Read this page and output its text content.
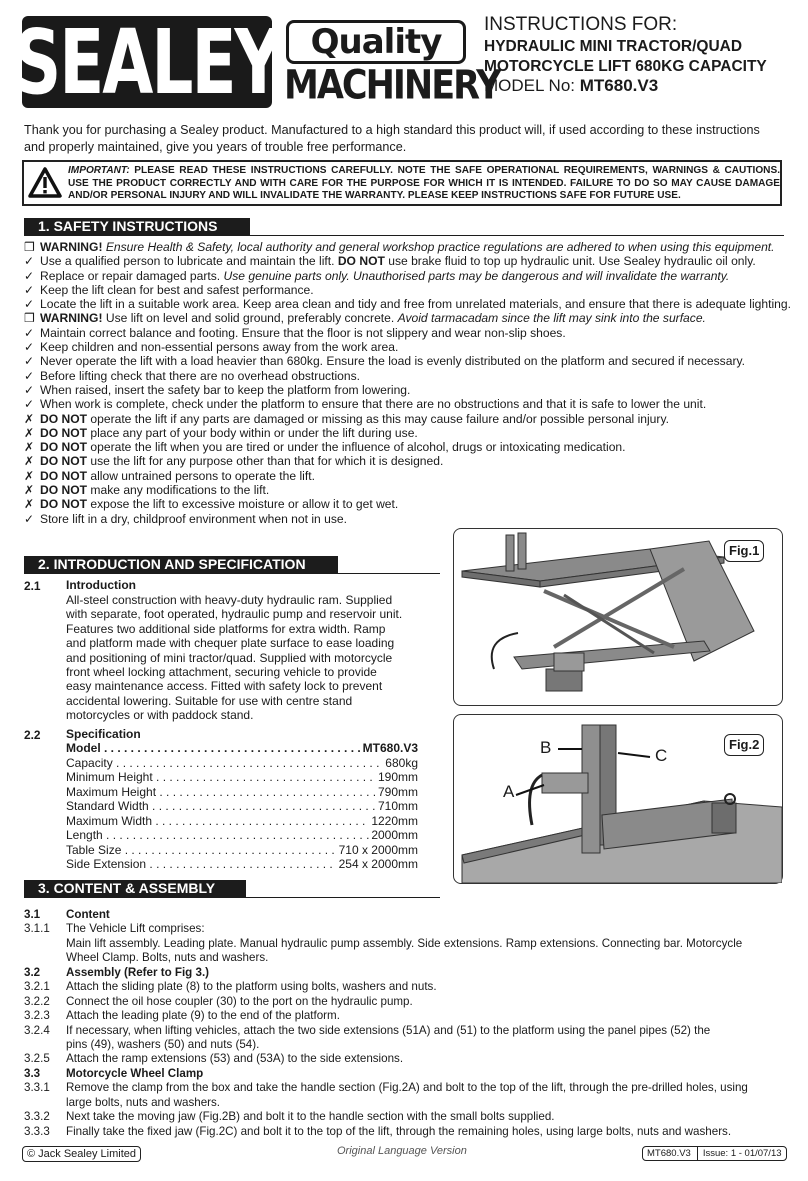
SEALEY Quality
MACHINERY
INSTRUCTIONS FOR:
HYDRAULIC MINI TRACTOR/QUAD
MOTORCYCLE LIFT 680KG CAPACITY
MODEL No: MT680.V3
Thank you for purchasing a Sealey product. Manufactured to a high standard this product will, if used according to these instructions and properly maintained, give you years of trouble free performance.
IMPORTANT: PLEASE READ THESE INSTRUCTIONS CAREFULLY. NOTE THE SAFE OPERATIONAL REQUIREMENTS, WARNINGS & CAUTIONS. USE THE PRODUCT CORRECTLY AND WITH CARE FOR THE PURPOSE FOR WHICH IT IS INTENDED. FAILURE TO DO SO MAY CAUSE DAMAGE AND/OR PERSONAL INJURY AND WILL INVALIDATE THE WARRANTY. PLEASE KEEP INSTRUCTIONS SAFE FOR FUTURE USE.
1. SAFETY INSTRUCTIONS
❒ WARNING! Ensure Health & Safety, local authority and general workshop practice regulations are adhered to when using this equipment.
✓ Use a qualified person to lubricate and maintain the lift. DO NOT use brake fluid to top up hydraulic unit. Use Sealey hydraulic oil only.
✓ Replace or repair damaged parts. Use genuine parts only. Unauthorised parts may be dangerous and will invalidate the warranty.
✓ Keep the lift clean for best and safest performance.
✓ Locate the lift in a suitable work area. Keep area clean and tidy and free from unrelated materials, and ensure that there is adequate lighting.
❒ WARNING! Use lift on level and solid ground, preferably concrete. Avoid tarmacadam since the lift may sink into the surface.
✓ Maintain correct balance and footing. Ensure that the floor is not slippery and wear non-slip shoes.
✓ Keep children and non-essential persons away from the work area.
✓ Never operate the lift with a load heavier than 680kg. Ensure the load is evenly distributed on the platform and secured if necessary.
✓ Before lifting check that there are no overhead obstructions.
✓ When raised, insert the safety bar to keep the platform from lowering.
✓ When work is complete, check under the platform to ensure that there are no obstructions and that it is safe to lower the unit.
✗ DO NOT operate the lift if any parts are damaged or missing as this may cause failure and/or possible personal injury.
✗ DO NOT place any part of your body within or under the lift during use.
✗ DO NOT operate the lift when you are tired or under the influence of alcohol, drugs or intoxicating medication.
✗ DO NOT use the lift for any purpose other than that for which it is designed.
✗ DO NOT allow untrained persons to operate the lift.
✗ DO NOT make any modifications to the lift.
✗ DO NOT expose the lift to excessive moisture or allow it to get wet.
✓ Store lift in a dry, childproof environment when not in use.
2. INTRODUCTION AND SPECIFICATION
2.1 Introduction
All-steel construction with heavy-duty hydraulic ram. Supplied with separate, foot operated, hydraulic pump and reservoir unit. Features two additional side platforms for extra width. Ramp and platform made with chequer plate surface to ease loading and positioning of mini tractor/quad. Supplied with motorcycle front wheel locking attachment, securing vehicle to provide easy maintenance access. Fitted with safety lock to prevent accidental lowering. Suitable for use with centre stand motorcycles or with paddock stand.
2.2 Specification
Model . . .	MT680.V3
Capacity . . .	680kg
Minimum Height . . .	190mm
Maximum Height . . .	790mm
Standard Width . . .	710mm
Maximum Width . . .	1220mm
Length . . .	2000mm
Table Size . . .	710 x 2000mm
Side Extension . . .	254 x 2000mm
Fig.1
Fig.2
B	C
A
3. CONTENT & ASSEMBLY
3.1	Content
3.1.1	The Vehicle Lift comprises:
Main lift assembly. Leading plate. Manual hydraulic pump assembly. Side extensions. Ramp extensions. Connecting bar. Motorcycle
Wheel Clamp. Bolts, nuts and washers.
3.2	Assembly (Refer to Fig 3.)
3.2.1	Attach the sliding plate (8) to the platform using bolts, washers and nuts.
3.2.2	Connect the oil hose coupler (30) to the port on the hydraulic pump.
3.2.3	Attach the leading plate (9) to the end of the platform.
3.2.4	If necessary, when lifting vehicles, attach the two side extensions (51A) and (51) to the platform using the panel pipes (52) the
pins (49), washers (50) and nuts (54).
3.2.5	Attach the ramp extensions (53) and (53A) to the side extensions.
3.3	Motorcycle Wheel Clamp
3.3.1	Remove the clamp from the box and take the handle section (Fig.2A) and bolt to the top of the lift, through the pre-drilled holes, using
large bolts, nuts and washers.
3.3.2	Next take the moving jaw (Fig.2B) and bolt it to the handle section with the small bolts supplied.
3.3.3	Finally take the fixed jaw (Fig.2C) and bolt it to the top of the lift, through the remaining holes, using large bolts, nuts and washers.
© Jack Sealey Limited	Original Language Version	MT680.V3	Issue: 1 - 01/07/13
